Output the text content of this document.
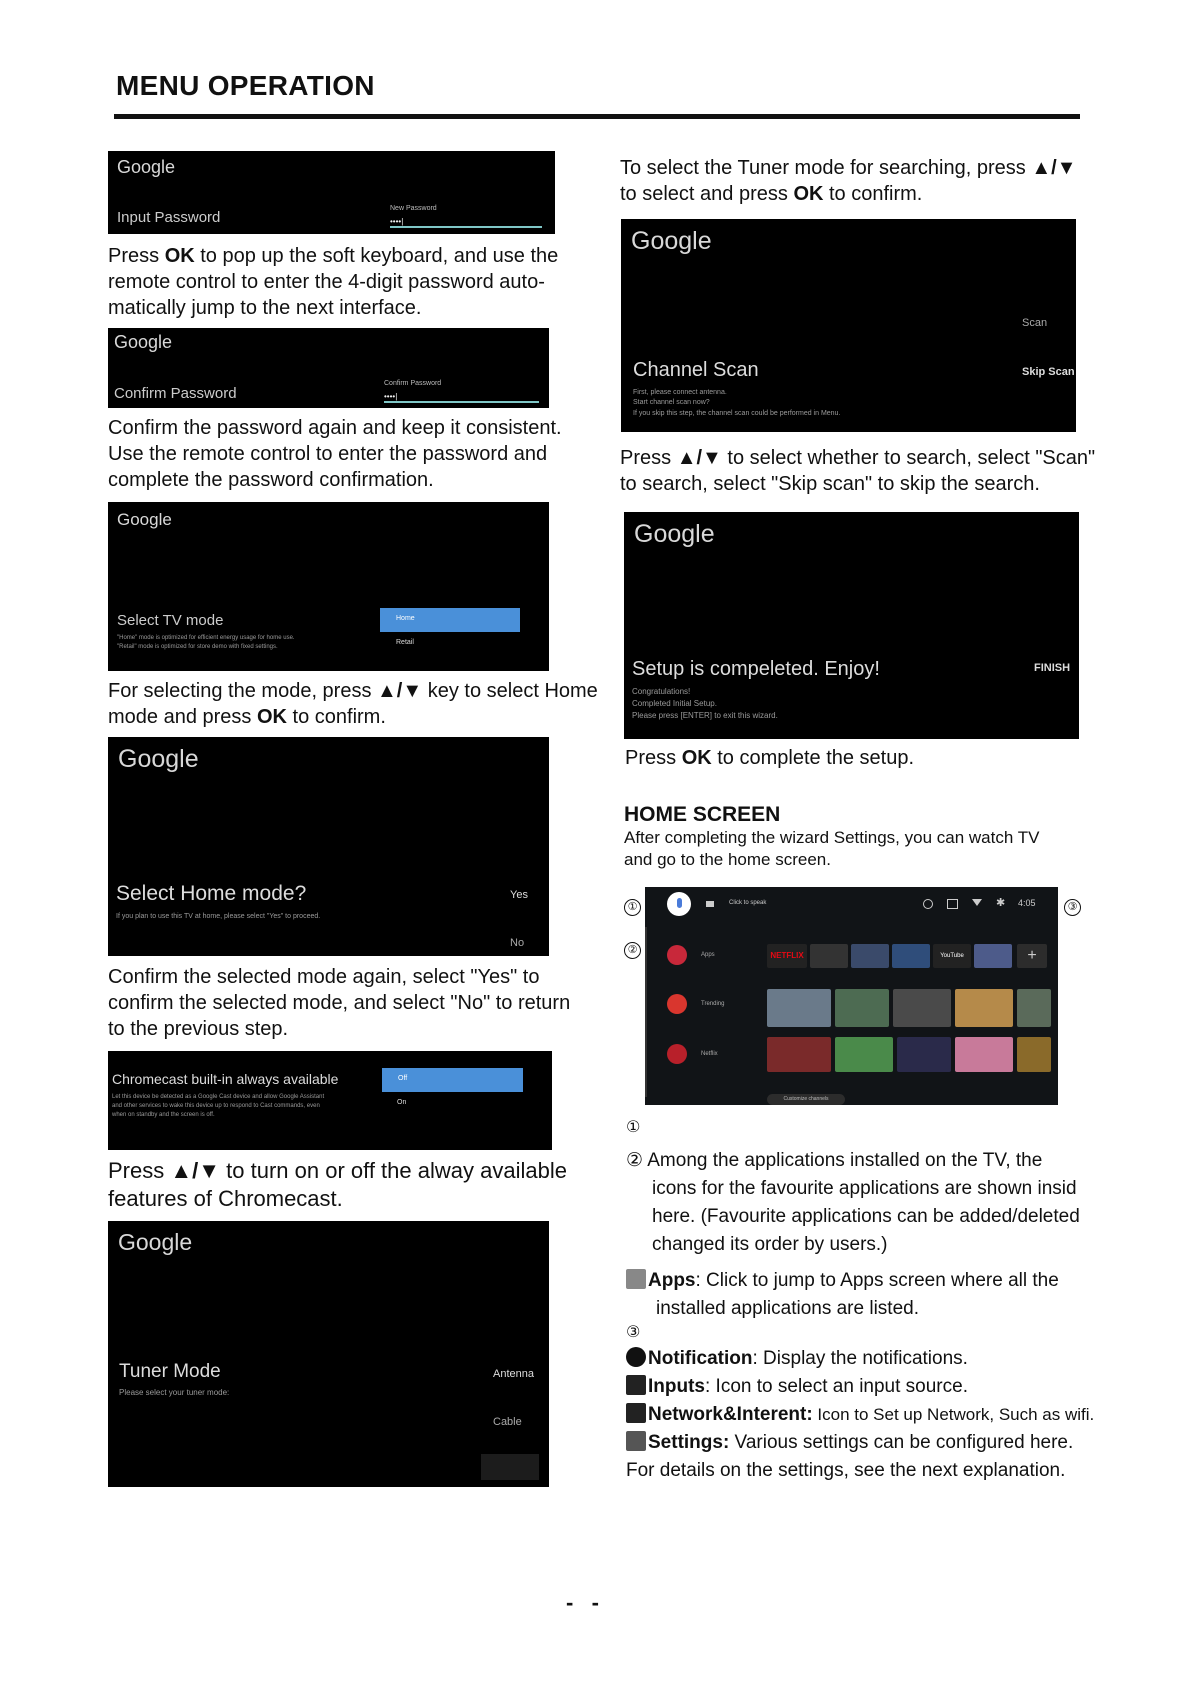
MENU OPERATION
Google
Input Password
New Password
••••|
Press OK to pop up the soft keyboard, and use the
remote control to enter the 4-digit password auto-
matically jump to the next interface.
Google
Confirm Password
Confirm Password
••••|
Confirm the password again and keep it consistent.
Use the remote control to enter the password and
complete the password confirmation.
Google
Select TV mode
"Home" mode is optimized for efficient energy usage for home use.
"Retail" mode is optimized for store demo with fixed settings.
Home
Retail
For selecting the mode, press ▲/▼ key to select Home
mode and press OK to confirm.
Google
Select Home mode?
If you plan to use this TV at home, please select "Yes" to proceed.
Yes
No
Confirm the selected mode again, select "Yes" to
confirm the selected mode, and select "No" to return
to the previous step.
Chromecast built-in always available
Let this device be detected as a Google Cast device and allow Google Assistant
and other services to wake this device up to respond to Cast commands, even
when on standby and the screen is off.
Off
On
Press ▲/▼ to turn on or off the alway available
features of Chromecast.
Google
Tuner Mode
Please select your tuner mode:
Antenna
Cable
To select the Tuner mode for searching, press ▲/▼
to select and press OK to confirm.
Google
Channel Scan
First, please connect antenna.
Start channel scan now?
If you skip this step, the channel scan could be performed in Menu.
Scan
Skip Scan
Press ▲/▼ to select whether to search, select "Scan"
to search, select "Skip scan" to skip the search.
Google
Setup is compeleted. Enjoy!
Congratulations!
Completed Initial Setup.
Please press [ENTER] to exit this wizard.
FINISH
Press OK to complete the setup.
HOME SCREEN
After completing the wizard Settings, you can watch TV
and go to the home screen.
①
②
③
Click to speak	✱ 4:05
Apps
Trending
Netflix
NETFLIX	YouTube	+
Customize channels
①
② Among the applications installed on the TV, the
icons for the favourite applications are shown insid
here. (Favourite applications can be added/deleted
changed its order by users.)
Apps: Click to jump to Apps screen where all the
installed applications are listed.
③
Notification: Display the notifications.
Inputs: Icon to select an input source.
Network&Interent: Icon to Set up Network, Such as wifi.
Settings: Various settings can be configured here.
For details on the settings, see the next explanation.
-   -
